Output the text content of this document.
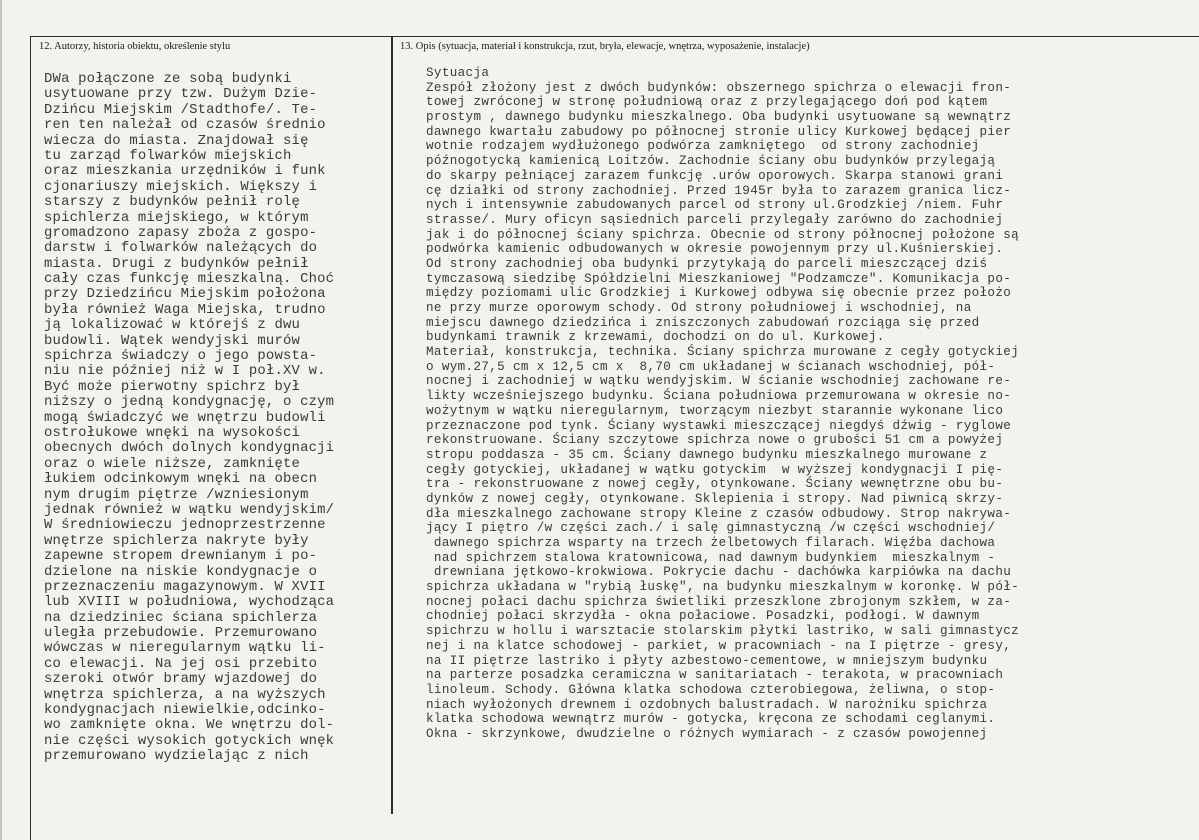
12. Autorzy, historia obiektu, określenie stylu	13. Opis (sytuacja, materiał i konstrukcja, rzut, bryła, elewacje, wnętrza, wyposażenie, instalacje)
DWa połączone ze sobą budynki
usytuowane przy tzw. Dużym Dzie-
Dzińcu Miejskim /Stadthofe/. Te-
ren ten należał od czasów średnio
wiecza do miasta. Znajdował się
tu zarząd folwarków miejskich
oraz mieszkania urzędników i funk
cjonariuszy miejskich. Większy i
starszy z budynków pełnił rolę
spichlerza miejskiego, w którym
gromadzono zapasy zboża z gospo-
darstw i folwarków należących do
miasta. Drugi z budynków pełnił
cały czas funkcję mieszkalną. Choć
przy Dziedzińcu Miejskim położona
była również Waga Miejska, trudno
ją lokalizować w którejś z dwu
budowli. Wątek wendyjski murów
spichrza świadczy o jego powsta-
niu nie później niż w I poł.XV w.
Być może pierwotny spichrz był
niższy o jedną kondygnację, o czym
mogą świadczyć we wnętrzu budowli
ostrołukowe wnęki na wysokości
obecnych dwóch dolnych kondygnacji
oraz o wiele niższe, zamknięte
łukiem odcinkowym wnęki na obecn
nym drugim piętrze /wzniesionym
jednak również w wątku wendyjskim/
W średniowieczu jednoprzestrzenne
wnętrze spichlerza nakryte były
zapewne stropem drewnianym i po-
dzielone na niskie kondygnacje o
przeznaczeniu magazynowym. W XVII
lub XVIII w południowa, wychodząca
na dziedziniec ściana spichlerza
uległa przebudowie. Przemurowano
wówczas w nieregularnym wątku li-
co elewacji. Na jej osi przebito
szeroki otwór bramy wjazdowej do
wnętrza spichlerza, a na wyższych
kondygnacjach niewielkie,odcinko-
wo zamknięte okna. We wnętrzu dol-
nie części wysokich gotyckich wnęk
przemurowano wydzielając z nich
Sytuacja
Zespół złożony jest z dwóch budynków: obszernego spichrza o elewacji fron-
towej zwróconej w stronę południową oraz z przylegającego doń pod kątem
prostym , dawnego budynku mieszkalnego. Oba budynki usytuowane są wewnątrz
dawnego kwartału zabudowy po północnej stronie ulicy Kurkowej będącej pier
wotnie rodzajem wydłużonego podwórza zamkniętego  od strony zachodniej
późnogotycką kamienicą Loitzów. Zachodnie ściany obu budynków przylegają
do skarpy pełniącej zarazem funkcję .urów oporowych. Skarpa stanowi grani
cę działki od strony zachodniej. Przed 1945r była to zarazem granica licz-
nych i intensywnie zabudowanych parcel od strony ul.Grodzkiej /niem. Fuhr
strasse/. Mury oficyn sąsiednich parceli przylegały zarówno do zachodniej
jak i do północnej ściany spichrza. Obecnie od strony północnej położone są
podwórka kamienic odbudowanych w okresie powojennym przy ul.Kuśnierskiej.
Od strony zachodniej oba budynki przytykają do parceli mieszczącej dziś
tymczasową siedzibę Spółdzielni Mieszkaniowej "Podzamcze". Komunikacja po-
między poziomami ulic Grodzkiej i Kurkowej odbywa się obecnie przez położo
ne przy murze oporowym schody. Od strony południowej i wschodniej, na
miejscu dawnego dziedzińca i zniszczonych zabudowań rozciąga się przed
budynkami trawnik z krzewami, dochodzi on do ul. Kurkowej.
Materiał, konstrukcja, technika. Ściany spichrza murowane z cegły gotyckiej
o wym.27,5 cm x 12,5 cm x  8,70 cm układanej w ścianach wschodniej, pół-
nocnej i zachodniej w wątku wendyjskim. W ścianie wschodniej zachowane re-
likty wcześniejszego budynku. Ściana południowa przemurowana w okresie no-
wożytnym w wątku nieregularnym, tworzącym niezbyt starannie wykonane lico
przeznaczone pod tynk. Ściany wystawki mieszczącej niegdyś dźwig - ryglowe
rekonstruowane. Ściany szczytowe spichrza nowe o grubości 51 cm a powyżej
stropu poddasza - 35 cm. Ściany dawnego budynku mieszkalnego murowane z
cegły gotyckiej, układanej w wątku gotyckim  w wyższej kondygnacji I pię-
tra - rekonstruowane z nowej cegły, otynkowane. Ściany wewnętrzne obu bu-
dynków z nowej cegły, otynkowane. Sklepienia i stropy. Nad piwnicą skrzy-
dła mieszkalnego zachowane stropy Kleine z czasów odbudowy. Strop nakrywa-
jący I piętro /w części zach./ i salę gimnastyczną /w części wschodniej/
dawnego spichrza wsparty na trzech żelbetowych filarach. Więźba dachowa
nad spichrzem stalowa kratownicowa, nad dawnym budynkiem  mieszkalnym -
drewniana jętkowo-krokwiowa. Pokrycie dachu - dachówka karpiówka na dachu
spichrza układana w "rybią łuskę", na budynku mieszkalnym w koronkę. W pół-
nocnej połaci dachu spichrza świetliki przeszklone zbrojonym szkłem, w za-
chodniej połaci skrzydła - okna połaciowe. Posadzki, podłogi. W dawnym
spichrzu w hollu i warsztacie stolarskim płytki lastriko, w sali gimnastycz
nej i na klatce schodowej - parkiet, w pracowniach - na I piętrze - gresy,
na II piętrze lastriko i płyty azbestowo-cementowe, w mniejszym budynku
na parterze posadzka ceramiczna w sanitariatach - terakota, w pracowniach
linoleum. Schody. Główna klatka schodowa czterobiegowa, żeliwna, o stop-
niach wyłożonych drewnem i ozdobnych balustradach. W narożniku spichrza
klatka schodowa wewnątrz murów - gotycka, kręcona ze schodami ceglanymi.
Okna - skrzynkowe, dwudzielne o różnych wymiarach - z czasów powojennej
